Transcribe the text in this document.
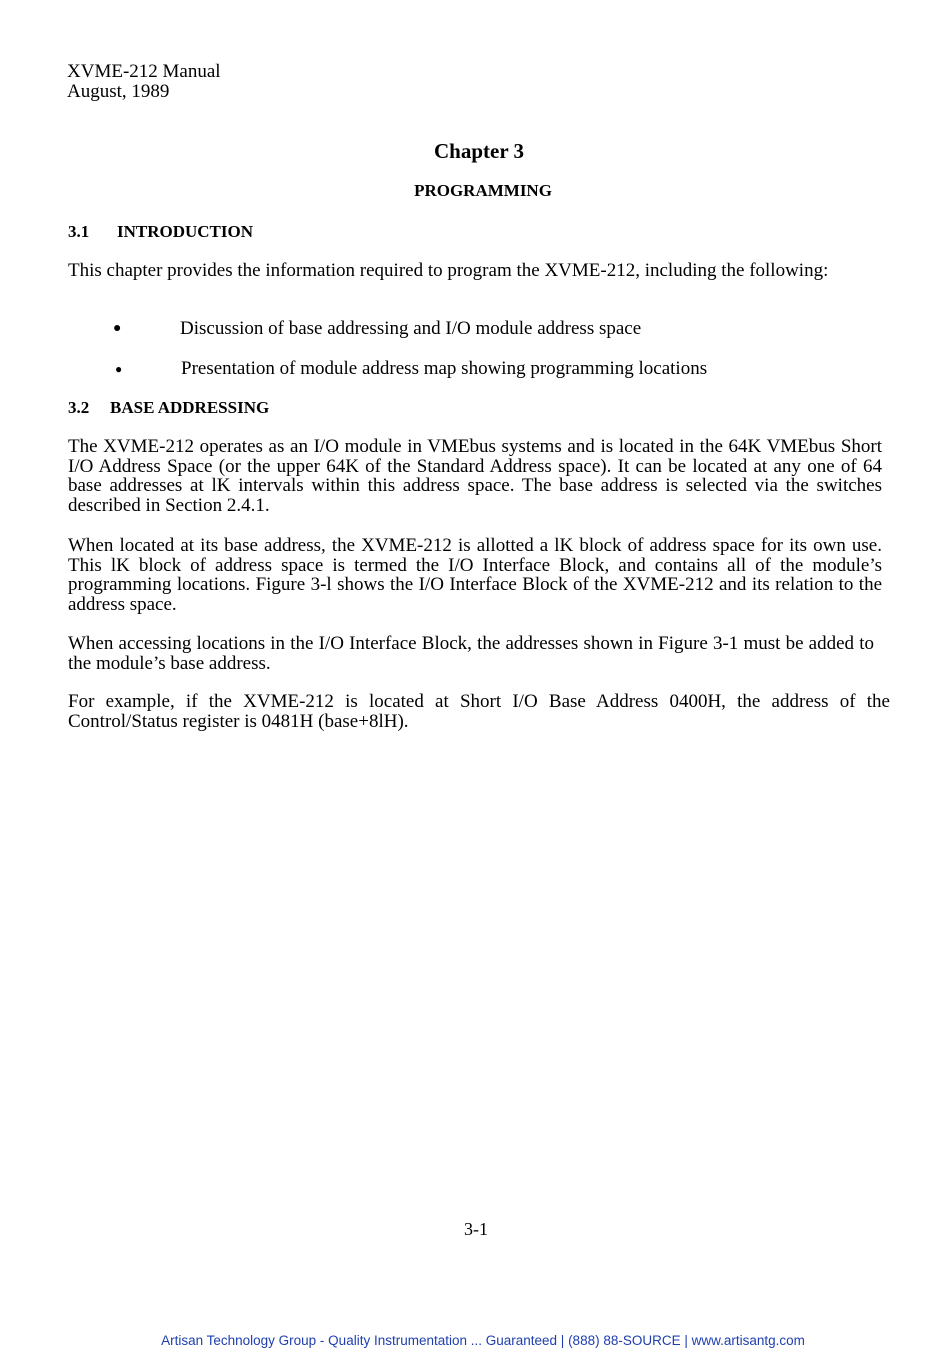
XVME-212 Manual
August, 1989
Chapter 3
PROGRAMMING
3.1 INTRODUCTION
This chapter provides the information required to program the XVME-212, including the following:
●	Discussion of base addressing and I/O module address space
●	Presentation of module address map showing programming locations
3.2 BASE ADDRESSING
The XVME-212 operates as an I/O module in VMEbus systems and is located in the 64K VMEbus Short I/O Address Space (or the upper 64K of the Standard Address space). It can be located at any one of 64 base addresses at lK intervals within this address space. The base address is selected via the switches described in Section 2.4.1.
When located at its base address, the XVME-212 is allotted a lK block of address space for its own use. This lK block of address space is termed the I/O Interface Block, and contains all of the module’s programming locations. Figure 3-l shows the I/O Interface Block of the XVME-212 and its relation to the address space.
When accessing locations in the I/O Interface Block, the addresses shown in Figure 3-1 must be added to the module’s base address.
For example, if the XVME-212 is located at Short I/O Base Address 0400H, the address of the Control/Status register is 0481H (base+8lH).
3-1
Artisan Technology Group - Quality Instrumentation ... Guaranteed | (888) 88-SOURCE | www.artisantg.com
